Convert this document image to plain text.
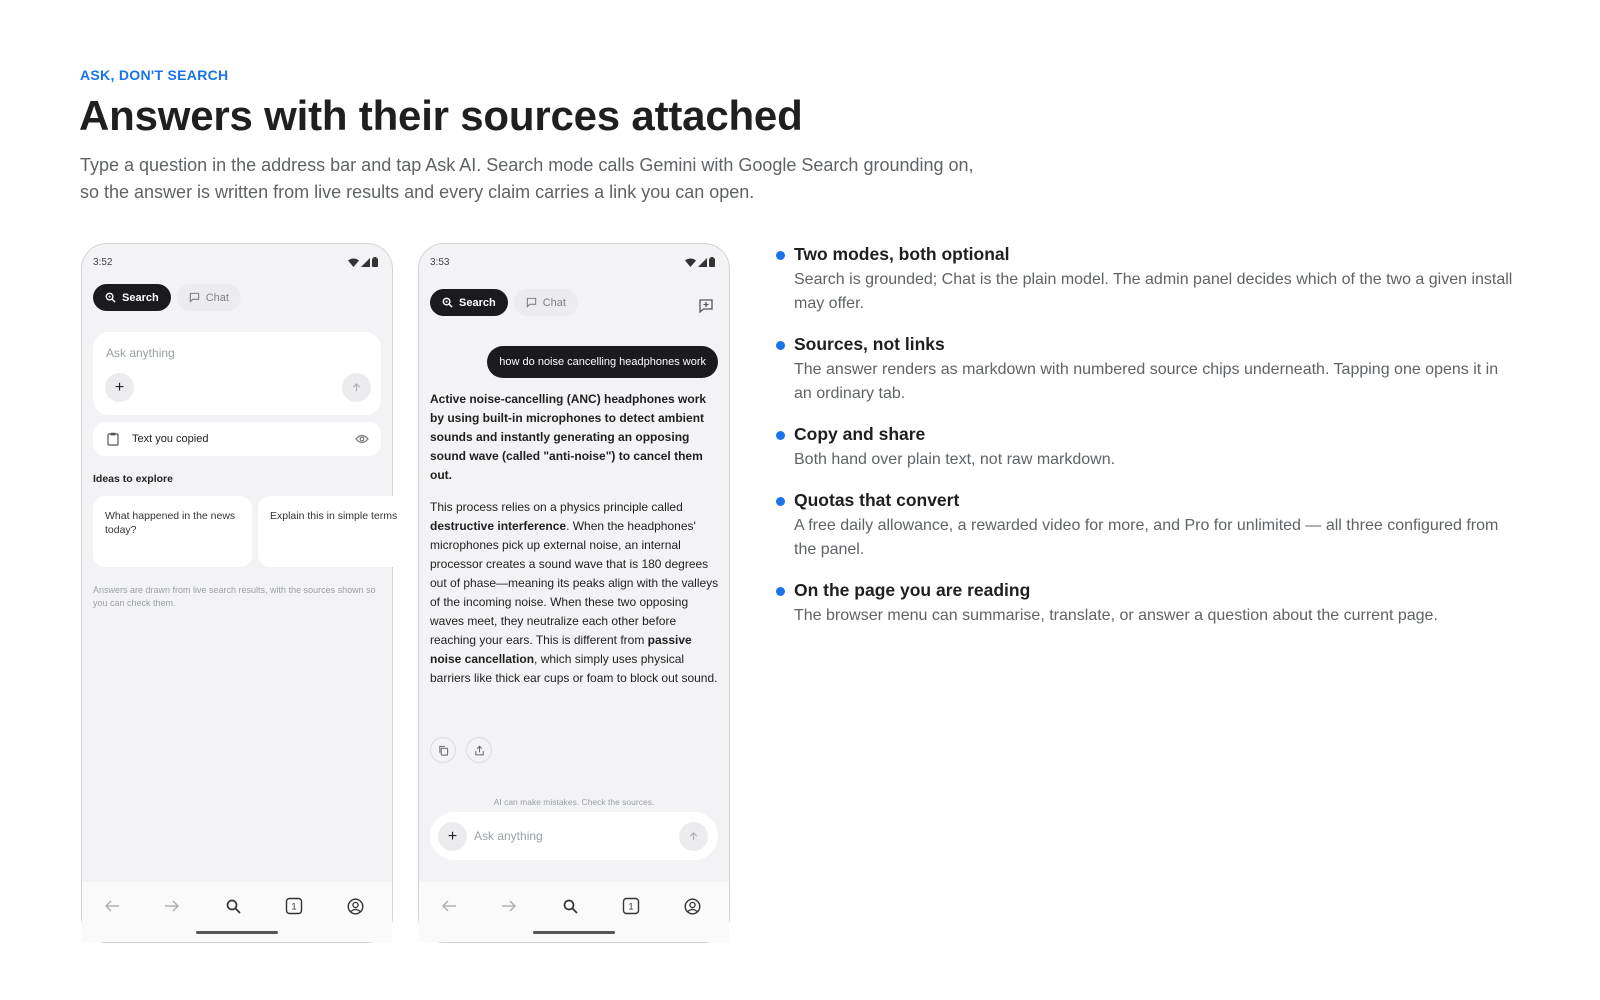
ASK, DON'T SEARCH
Answers with their sources attached
Type a question in the address bar and tap Ask AI. Search mode calls Gemini with Google Search grounding on, so the answer is written from live results and every claim carries a link you can open.
3:52
Search	Chat
Ask anything
+
Text you copied
Ideas to explore
What happened in the news today?
Explain this in simple terms
Answers are drawn from live search results, with the sources shown so you can check them.
1
3:53
Search	Chat
how do noise cancelling headphones work
Active noise-cancelling (ANC) headphones work by using built-in microphones to detect ambient sounds and instantly generating an opposing sound wave (called "anti-noise") to cancel them out.
This process relies on a physics principle called destructive interference. When the headphones' microphones pick up external noise, an internal processor creates a sound wave that is 180 degrees out of phase—meaning its peaks align with the valleys of the incoming noise. When these two opposing waves meet, they neutralize each other before reaching your ears. This is different from passive noise cancellation, which simply uses physical barriers like thick ear cups or foam to block out sound.
AI can make mistakes. Check the sources.
+ Ask anything
1
Two modes, both optional
Search is grounded; Chat is the plain model. The admin panel decides which of the two a given install may offer.
Sources, not links
The answer renders as markdown with numbered source chips underneath. Tapping one opens it in an ordinary tab.
Copy and share
Both hand over plain text, not raw markdown.
Quotas that convert
A free daily allowance, a rewarded video for more, and Pro for unlimited — all three configured from the panel.
On the page you are reading
The browser menu can summarise, translate, or answer a question about the current page.
